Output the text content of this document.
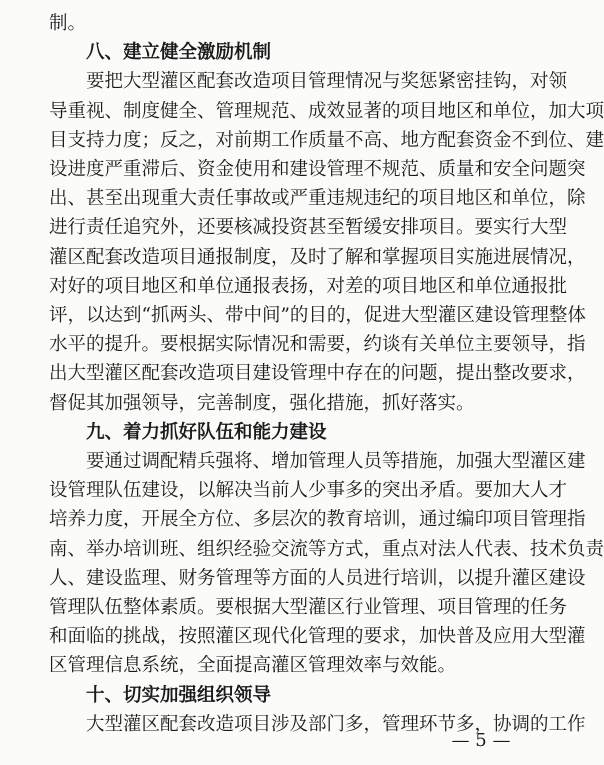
制。
八、建立健全激励机制
要把大型灌区配套改造项目管理情况与奖惩紧密挂钩，对领
导重视、制度健全、管理规范、成效显著的项目地区和单位，加大项
目支持力度；反之，对前期工作质量不高、地方配套资金不到位、建
设进度严重滞后、资金使用和建设管理不规范、质量和安全问题突
出、甚至出现重大责任事故或严重违规违纪的项目地区和单位，除
进行责任追究外，还要核减投资甚至暂缓安排项目。要实行大型
灌区配套改造项目通报制度，及时了解和掌握项目实施进展情况，
对好的项目地区和单位通报表扬，对差的项目地区和单位通报批
评，以达到“抓两头、带中间”的目的，促进大型灌区建设管理整体
水平的提升。要根据实际情况和需要，约谈有关单位主要领导，指
出大型灌区配套改造项目建设管理中存在的问题，提出整改要求，
督促其加强领导，完善制度，强化措施，抓好落实。
九、着力抓好队伍和能力建设
要通过调配精兵强将、增加管理人员等措施，加强大型灌区建
设管理队伍建设，以解决当前人少事多的突出矛盾。要加大人才
培养力度，开展全方位、多层次的教育培训，通过编印项目管理指
南、举办培训班、组织经验交流等方式，重点对法人代表、技术负责
人、建设监理、财务管理等方面的人员进行培训，以提升灌区建设
管理队伍整体素质。要根据大型灌区行业管理、项目管理的任务
和面临的挑战，按照灌区现代化管理的要求，加快普及应用大型灌
区管理信息系统，全面提高灌区管理效率与效能。
十、切实加强组织领导
大型灌区配套改造项目涉及部门多，管理环节多，协调的工作
— 5 —
